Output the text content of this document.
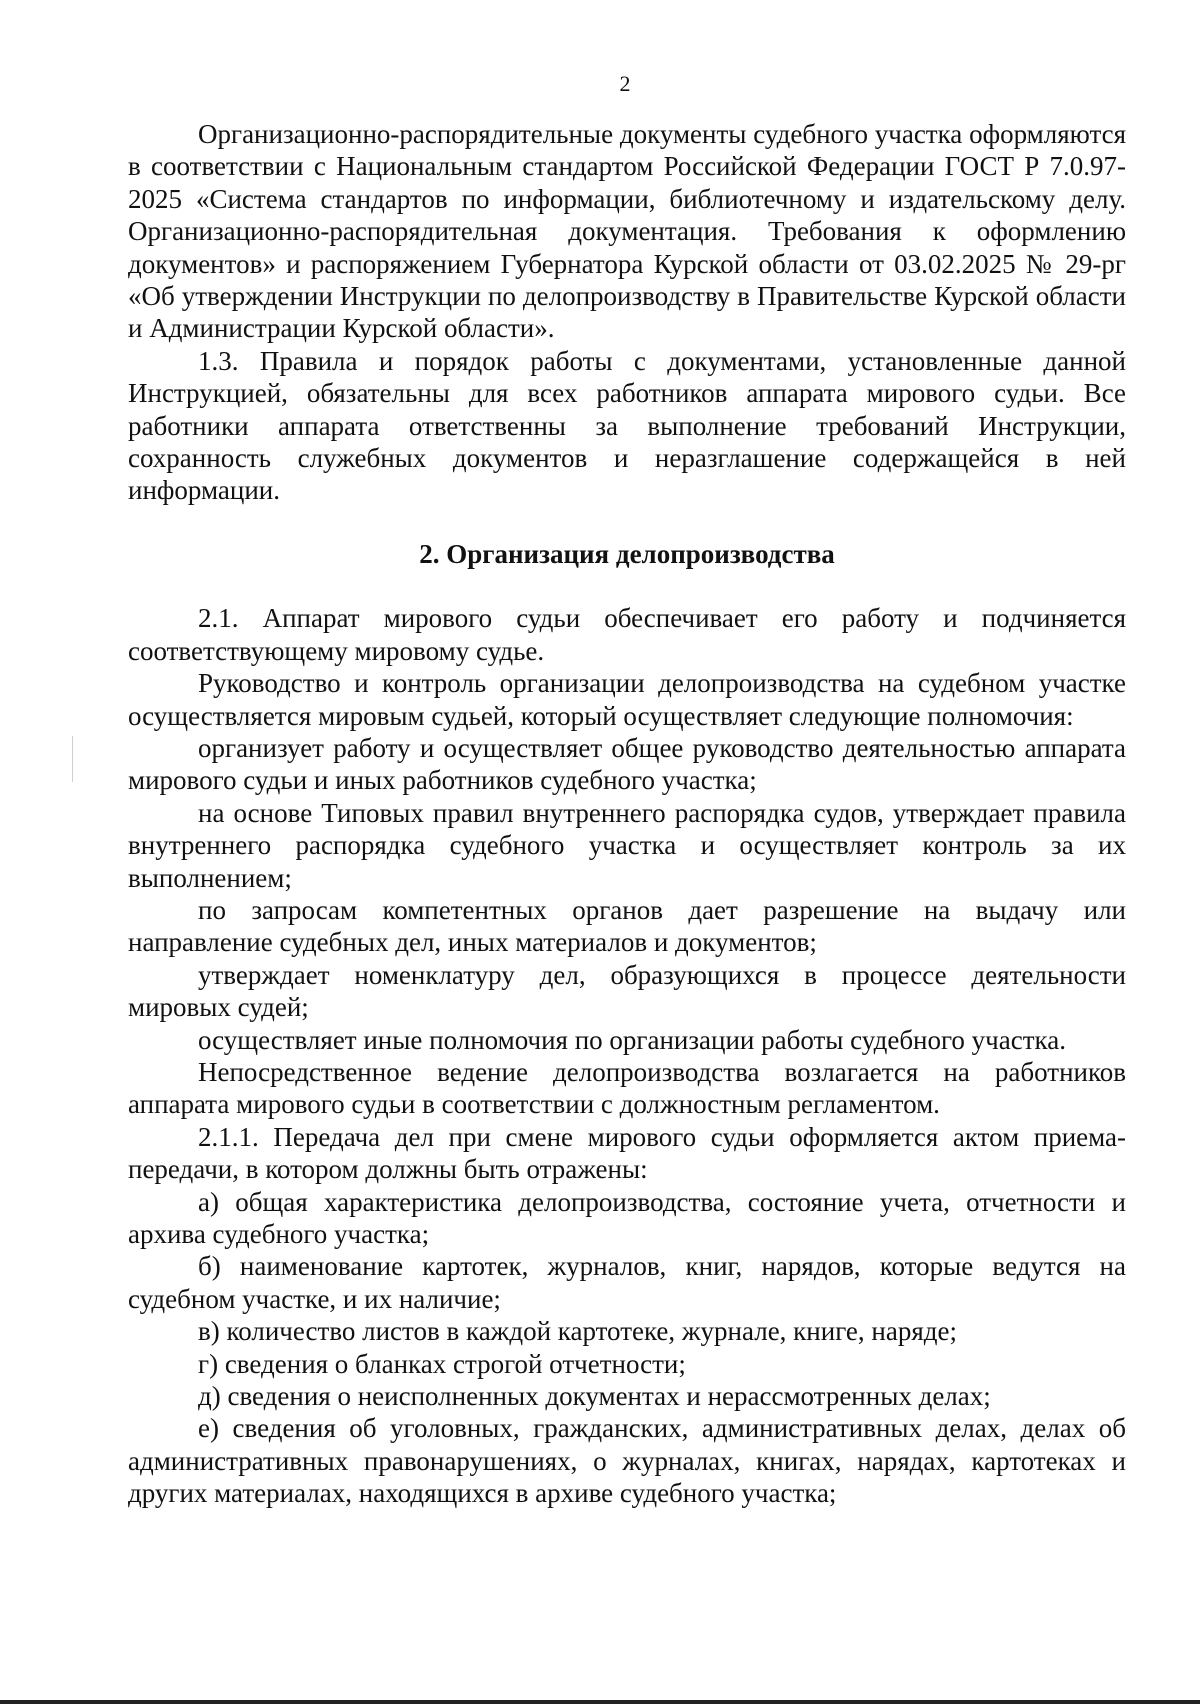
2

Организационно-распорядительные документы судебного участка оформляются в соответствии с Национальным стандартом Российской Федерации ГОСТ Р 7.0.97-2025 «Система стандартов по информации, библиотечному и издательскому делу. Организационно-распорядительная документация. Требования к оформлению документов» и распоряжением Губернатора Курской области от 03.02.2025 № 29-рг «Об утверждении Инструкции по делопроизводству в Правительстве Курской области и Администрации Курской области».

1.3. Правила и порядок работы с документами, установленные данной Инструкцией, обязательны для всех работников аппарата мирового судьи. Все работники аппарата ответственны за выполнение требований Инструкции, сохранность служебных документов и неразглашение содержащейся в ней информации.

2. Организация делопроизводства

2.1. Аппарат мирового судьи обеспечивает его работу и подчиняется соответствующему мировому судье.

Руководство и контроль организации делопроизводства на судебном участке осуществляется мировым судьей, который осуществляет следующие полномочия:

организует работу и осуществляет общее руководство деятельностью аппарата мирового судьи и иных работников судебного участка;

на основе Типовых правил внутреннего распорядка судов, утверждает правила внутреннего распорядка судебного участка и осуществляет контроль за их выполнением;

по запросам компетентных органов дает разрешение на выдачу или направление судебных дел, иных материалов и документов;

утверждает номенклатуру дел, образующихся в процессе деятельности мировых судей;

осуществляет иные полномочия по организации работы судебного участка.

Непосредственное ведение делопроизводства возлагается на работников аппарата мирового судьи в соответствии с должностным регламентом.

2.1.1. Передача дел при смене мирового судьи оформляется актом приема-передачи, в котором должны быть отражены:

а) общая характеристика делопроизводства, состояние учета, отчетности и архива судебного участка;

б) наименование картотек, журналов, книг, нарядов, которые ведутся на судебном участке, и их наличие;

в) количество листов в каждой картотеке, журнале, книге, наряде;

г) сведения о бланках строгой отчетности;

д) сведения о неисполненных документах и нерассмотренных делах;

е) сведения об уголовных, гражданских, административных делах, делах об административных правонарушениях, о журналах, книгах, нарядах, картотеках и других материалах, находящихся в архиве судебного участка;
